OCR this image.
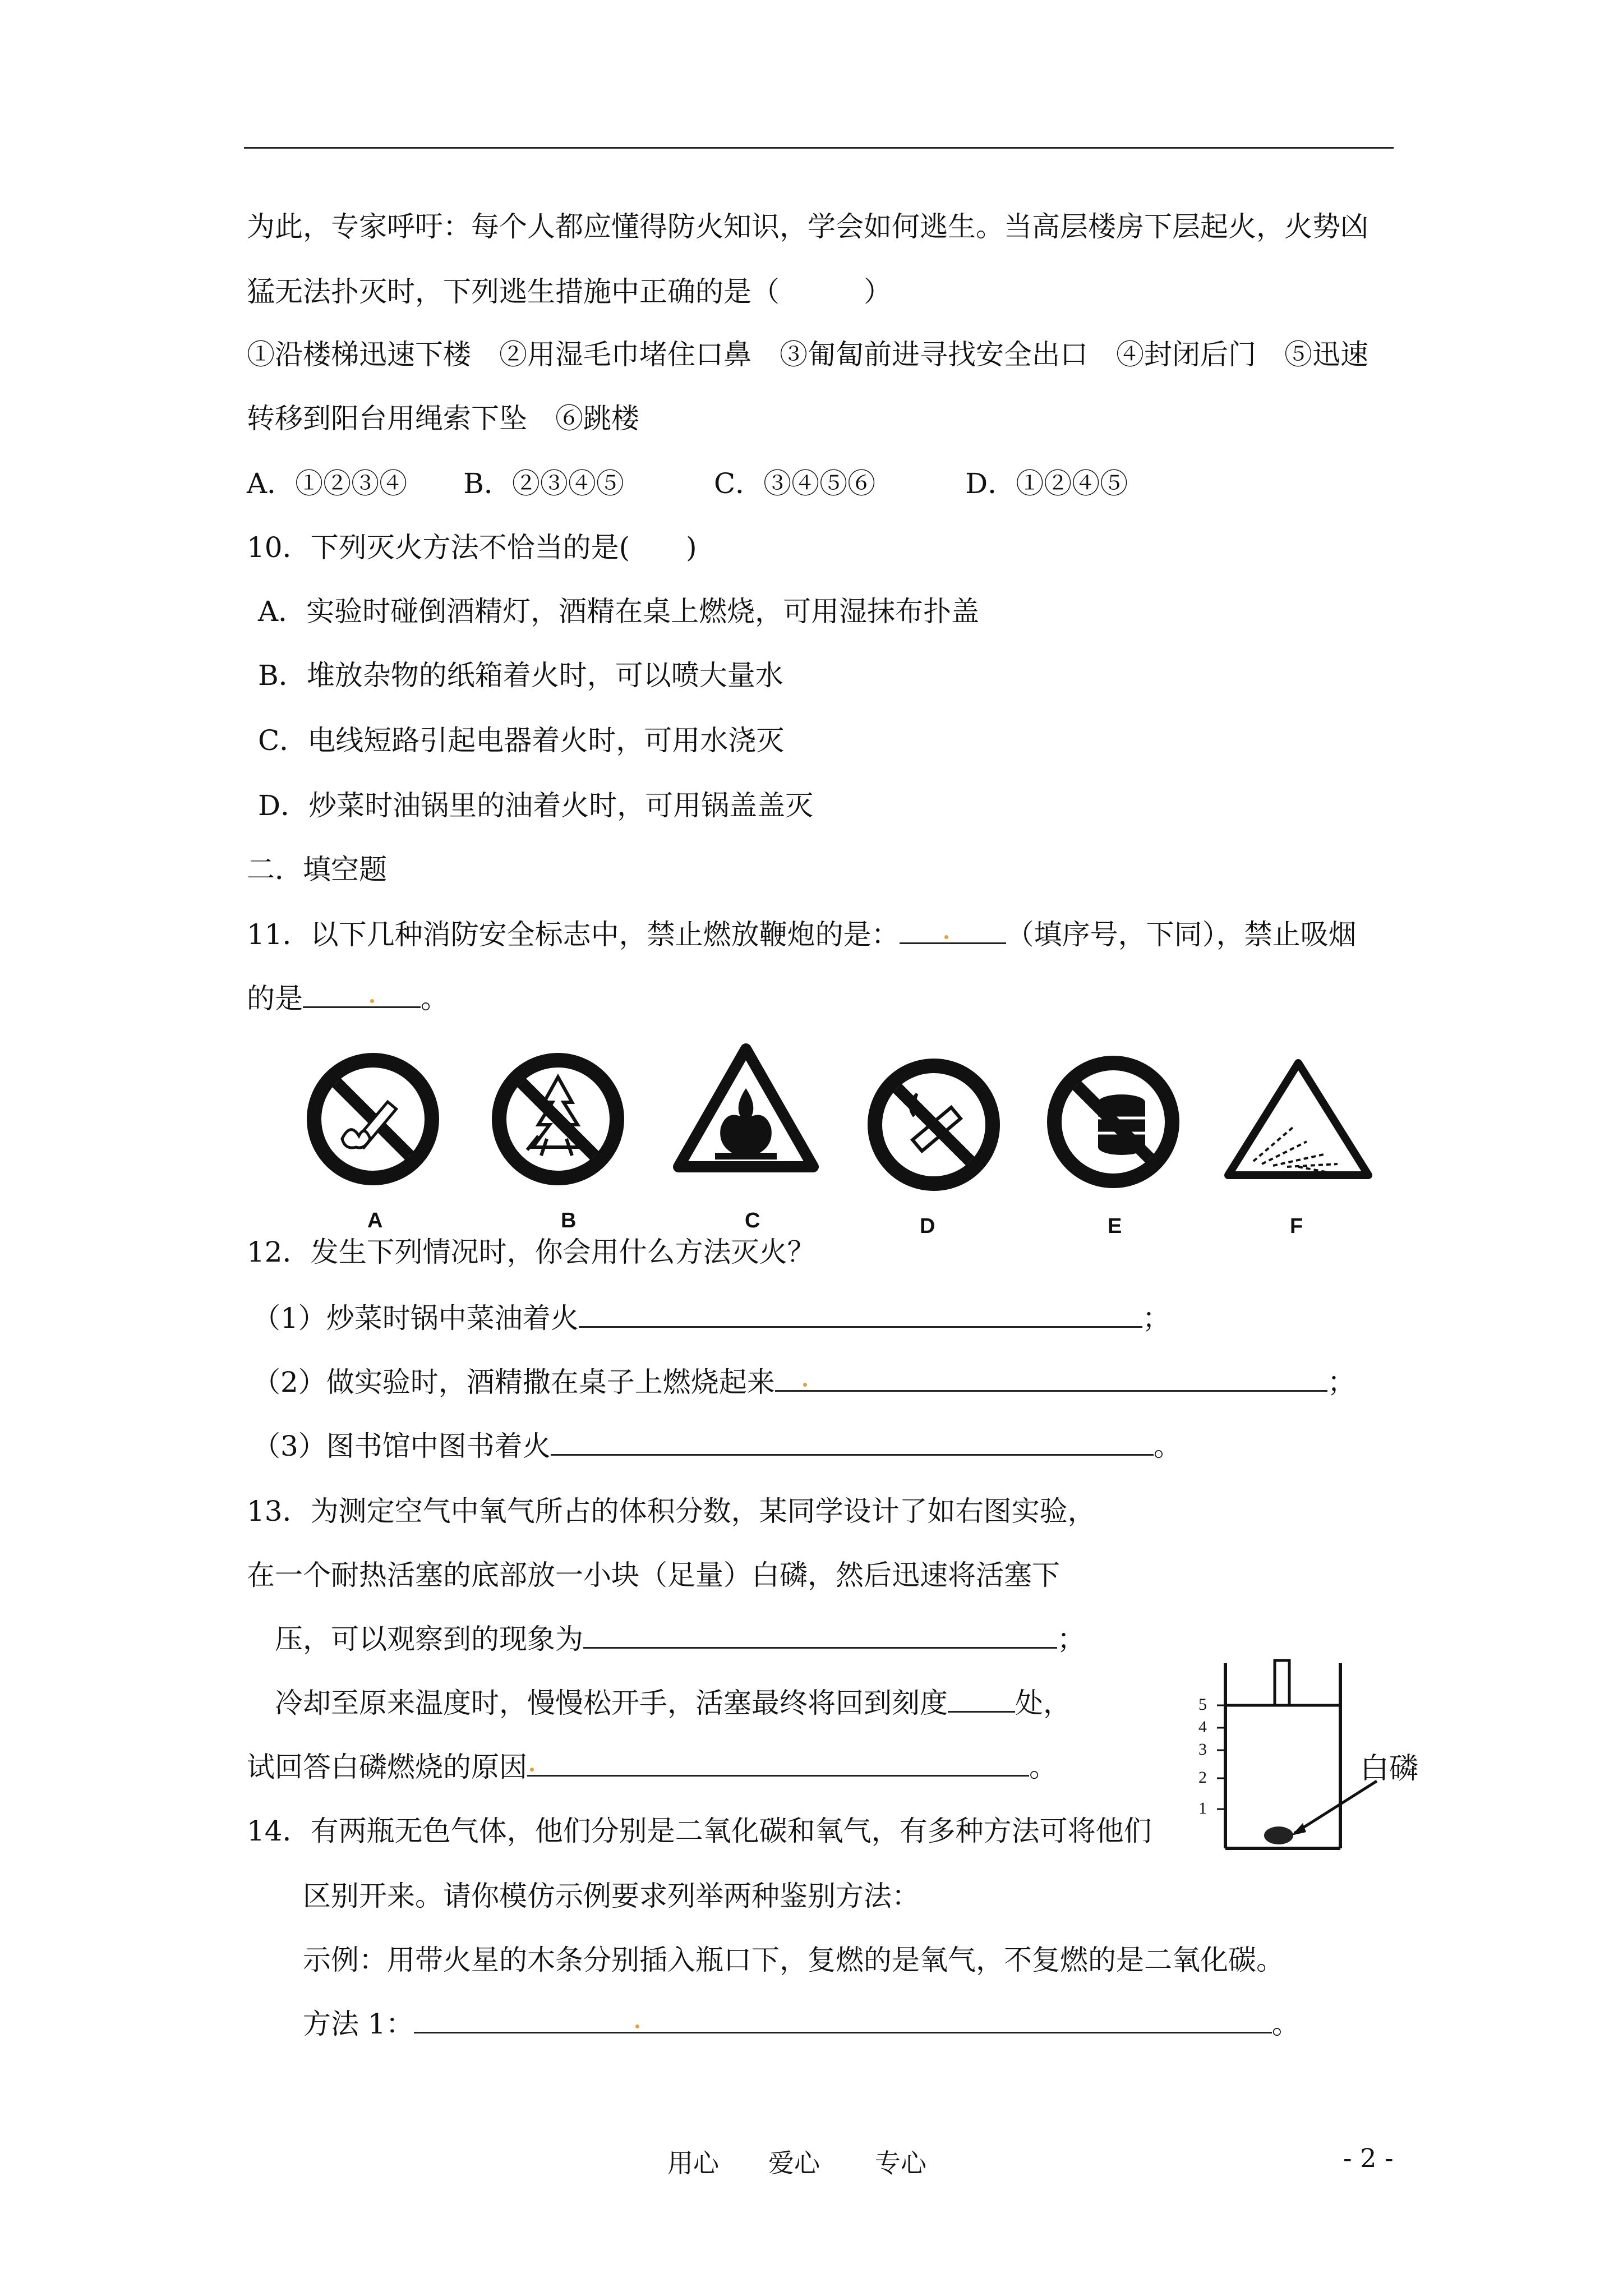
为此，专家呼吁：每个人都应懂得防火知识，学会如何逃生。当高层楼房下层起火，火势凶
猛无法扑灭时，下列逃生措施中正确的是（　　　）
①沿楼梯迅速下楼　②用湿毛巾堵住口鼻　③匍匐前进寻找安全出口　④封闭后门　⑤迅速
转移到阳台用绳索下坠　⑥跳楼
A．①②③④ B．②③④⑤	C．③④⑤⑥	D．①②④⑤
10．下列灭火方法不恰当的是(　　)
A．实验时碰倒酒精灯，酒精在桌上燃烧，可用湿抹布扑盖
B．堆放杂物的纸箱着火时，可以喷大量水
C．电线短路引起电器着火时，可用水浇灭
D．炒菜时油锅里的油着火时，可用锅盖盖灭
二．填空题
11．以下几种消防安全标志中，禁止燃放鞭炮的是：	（填序号，下同），禁止吸烟
的是	。
A	B	C	D	E	F
12．发生下列情况时，你会用什么方法灭火？
（1）炒菜时锅中菜油着火	；
（2）做实验时，酒精撒在桌子上燃烧起来	；
（3）图书馆中图书着火	。
13．为测定空气中氧气所占的体积分数，某同学设计了如右图实验，
在一个耐热活塞的底部放一小块（足量）白磷，然后迅速将活塞下
压，可以观察到的现象为	；
冷却至原来温度时，慢慢松开手，活塞最终将回到刻度 处，
试回答白磷燃烧的原因	。
5
4
3
2
1
白磷
14．有两瓶无色气体，他们分别是二氧化碳和氧气，有多种方法可将他们
区别开来。请你模仿示例要求列举两种鉴别方法：
示例：用带火星的木条分别插入瓶口下，复燃的是氧气，不复燃的是二氧化碳。
方法 1：	。
用心 爱心 专心	- 2 -
